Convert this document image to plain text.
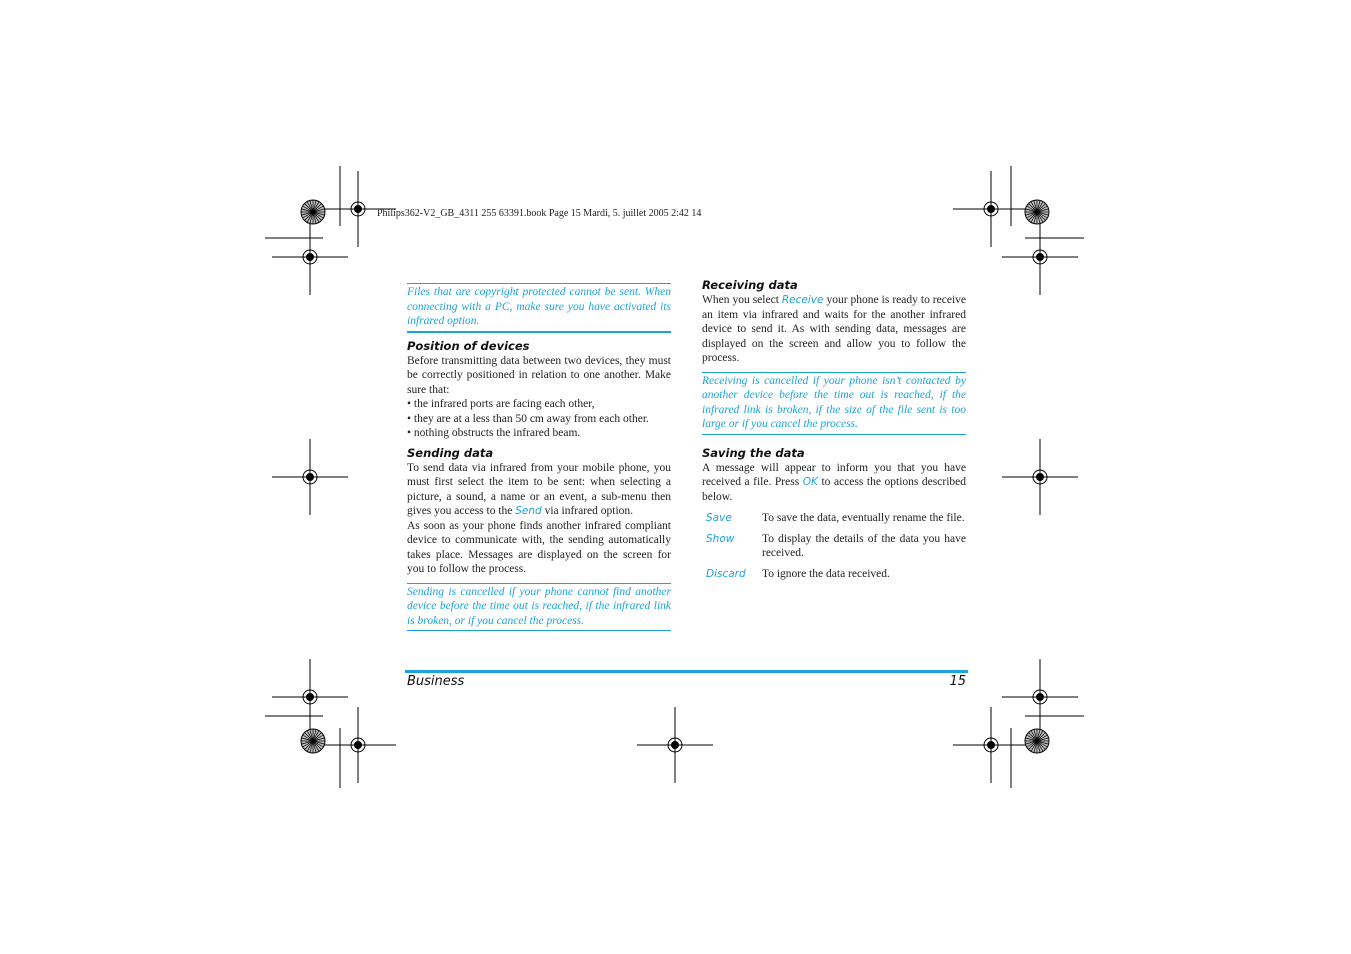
Philips362-V2_GB_4311 255 63391.book Page 15 Mardi, 5. juillet 2005 2:42 14
Files that are copyright protected cannot be sent. When connecting with a PC, make sure you have activated its infrared option.
Position of devices

Before transmitting data between two devices, they must be correctly positioned in relation to one another. Make sure that:

• the infrared ports are facing each other,
• they are at a less than 50 cm away from each other.
• nothing obstructs the infrared beam.
Sending data

To send data via infrared from your mobile phone, you must first select the item to be sent: when selecting a picture, a sound, a name or an event, a sub-menu then gives you access to the Send via infrared option.

As soon as your phone finds another infrared compliant device to communicate with, the sending automatically takes place. Messages are displayed on the screen for you to follow the process.

Sending is cancelled if your phone cannot find another device before the time out is reached, if the infrared link is broken, or if you cancel the process.
Receiving data

When you select Receive your phone is ready to receive an item via infrared and waits for the another infrared device to send it. As with sending data, messages are displayed on the screen and allow you to follow the process.

Receiving is cancelled if your phone isn’t contacted by another device before the time out is reached, if the infrared link is broken, if the size of the file sent is too large or if you cancel the process.
Saving the data

A message will appear to inform you that you have received a file. Press OK to access the options described below.

Save	To save the data, eventually rename the file.
Show	To display the details of the data you have received.
Discard	To ignore the data received.
Business	15
